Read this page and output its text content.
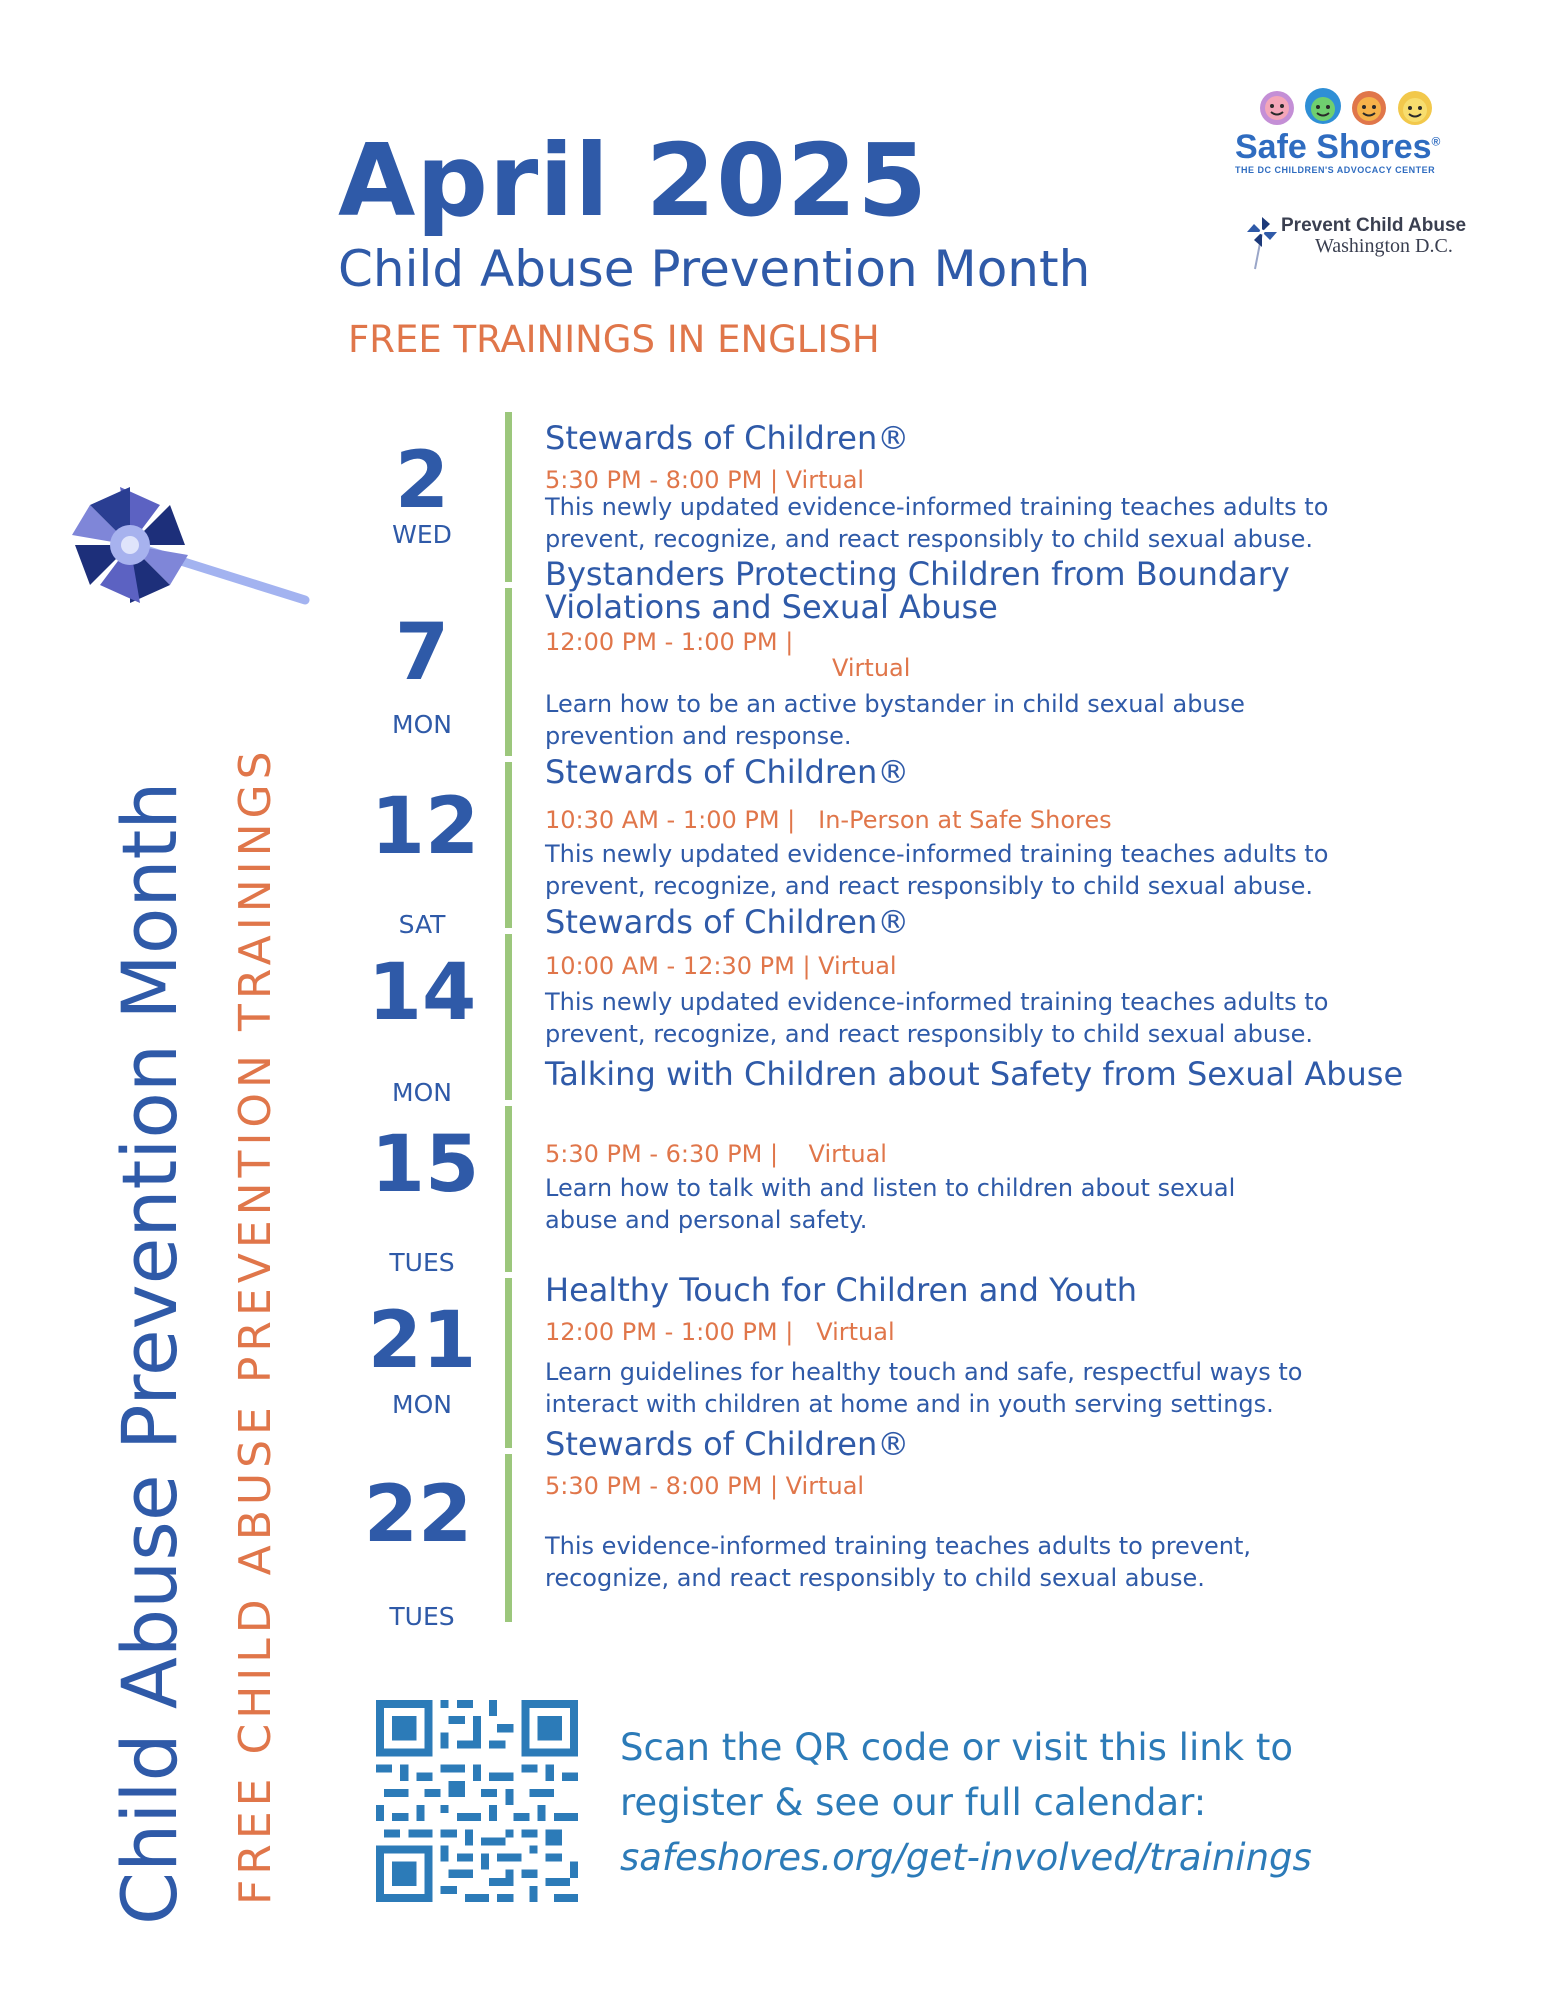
April 2025
Child Abuse Prevention Month
FREE TRAININGS IN ENGLISH
Safe Shores®
THE DC CHILDREN'S ADVOCACY CENTER
Prevent Child Abuse
Washington D.C.
Child Abuse Prevention Month FREE CHILD ABUSE PREVENTION TRAININGS
2
WED
Stewards of Children®
5:30 PM - 8:00 PM | Virtual
This newly updated evidence-informed training teaches adults to
prevent, recognize, and react responsibly to child sexual abuse.
7
MON
Bystanders Protecting Children from Boundary
Violations and Sexual Abuse
12:00 PM - 1:00 PM |
Virtual
Learn how to be an active bystander in child sexual abuse
prevention and response.
12
SAT
Stewards of Children®
10:30 AM - 1:00 PM |   In-Person at Safe Shores
This newly updated evidence-informed training teaches adults to
prevent, recognize, and react responsibly to child sexual abuse.
14
MON
Stewards of Children®
10:00 AM - 12:30 PM | Virtual
This newly updated evidence-informed training teaches adults to
prevent, recognize, and react responsibly to child sexual abuse.
15
TUES
Talking with Children about Safety from Sexual Abuse
5:30 PM - 6:30 PM |    Virtual
Learn how to talk with and listen to children about sexual
abuse and personal safety.
21
MON
Healthy Touch for Children and Youth
12:00 PM - 1:00 PM |   Virtual
Learn guidelines for healthy touch and safe, respectful ways to
interact with children at home and in youth serving settings.
22
TUES
Stewards of Children®
5:30 PM - 8:00 PM | Virtual
This evidence-informed training teaches adults to prevent,
recognize, and react responsibly to child sexual abuse.
Scan the QR code or visit this link to
register & see our full calendar:
safeshores.org/get-involved/trainings
